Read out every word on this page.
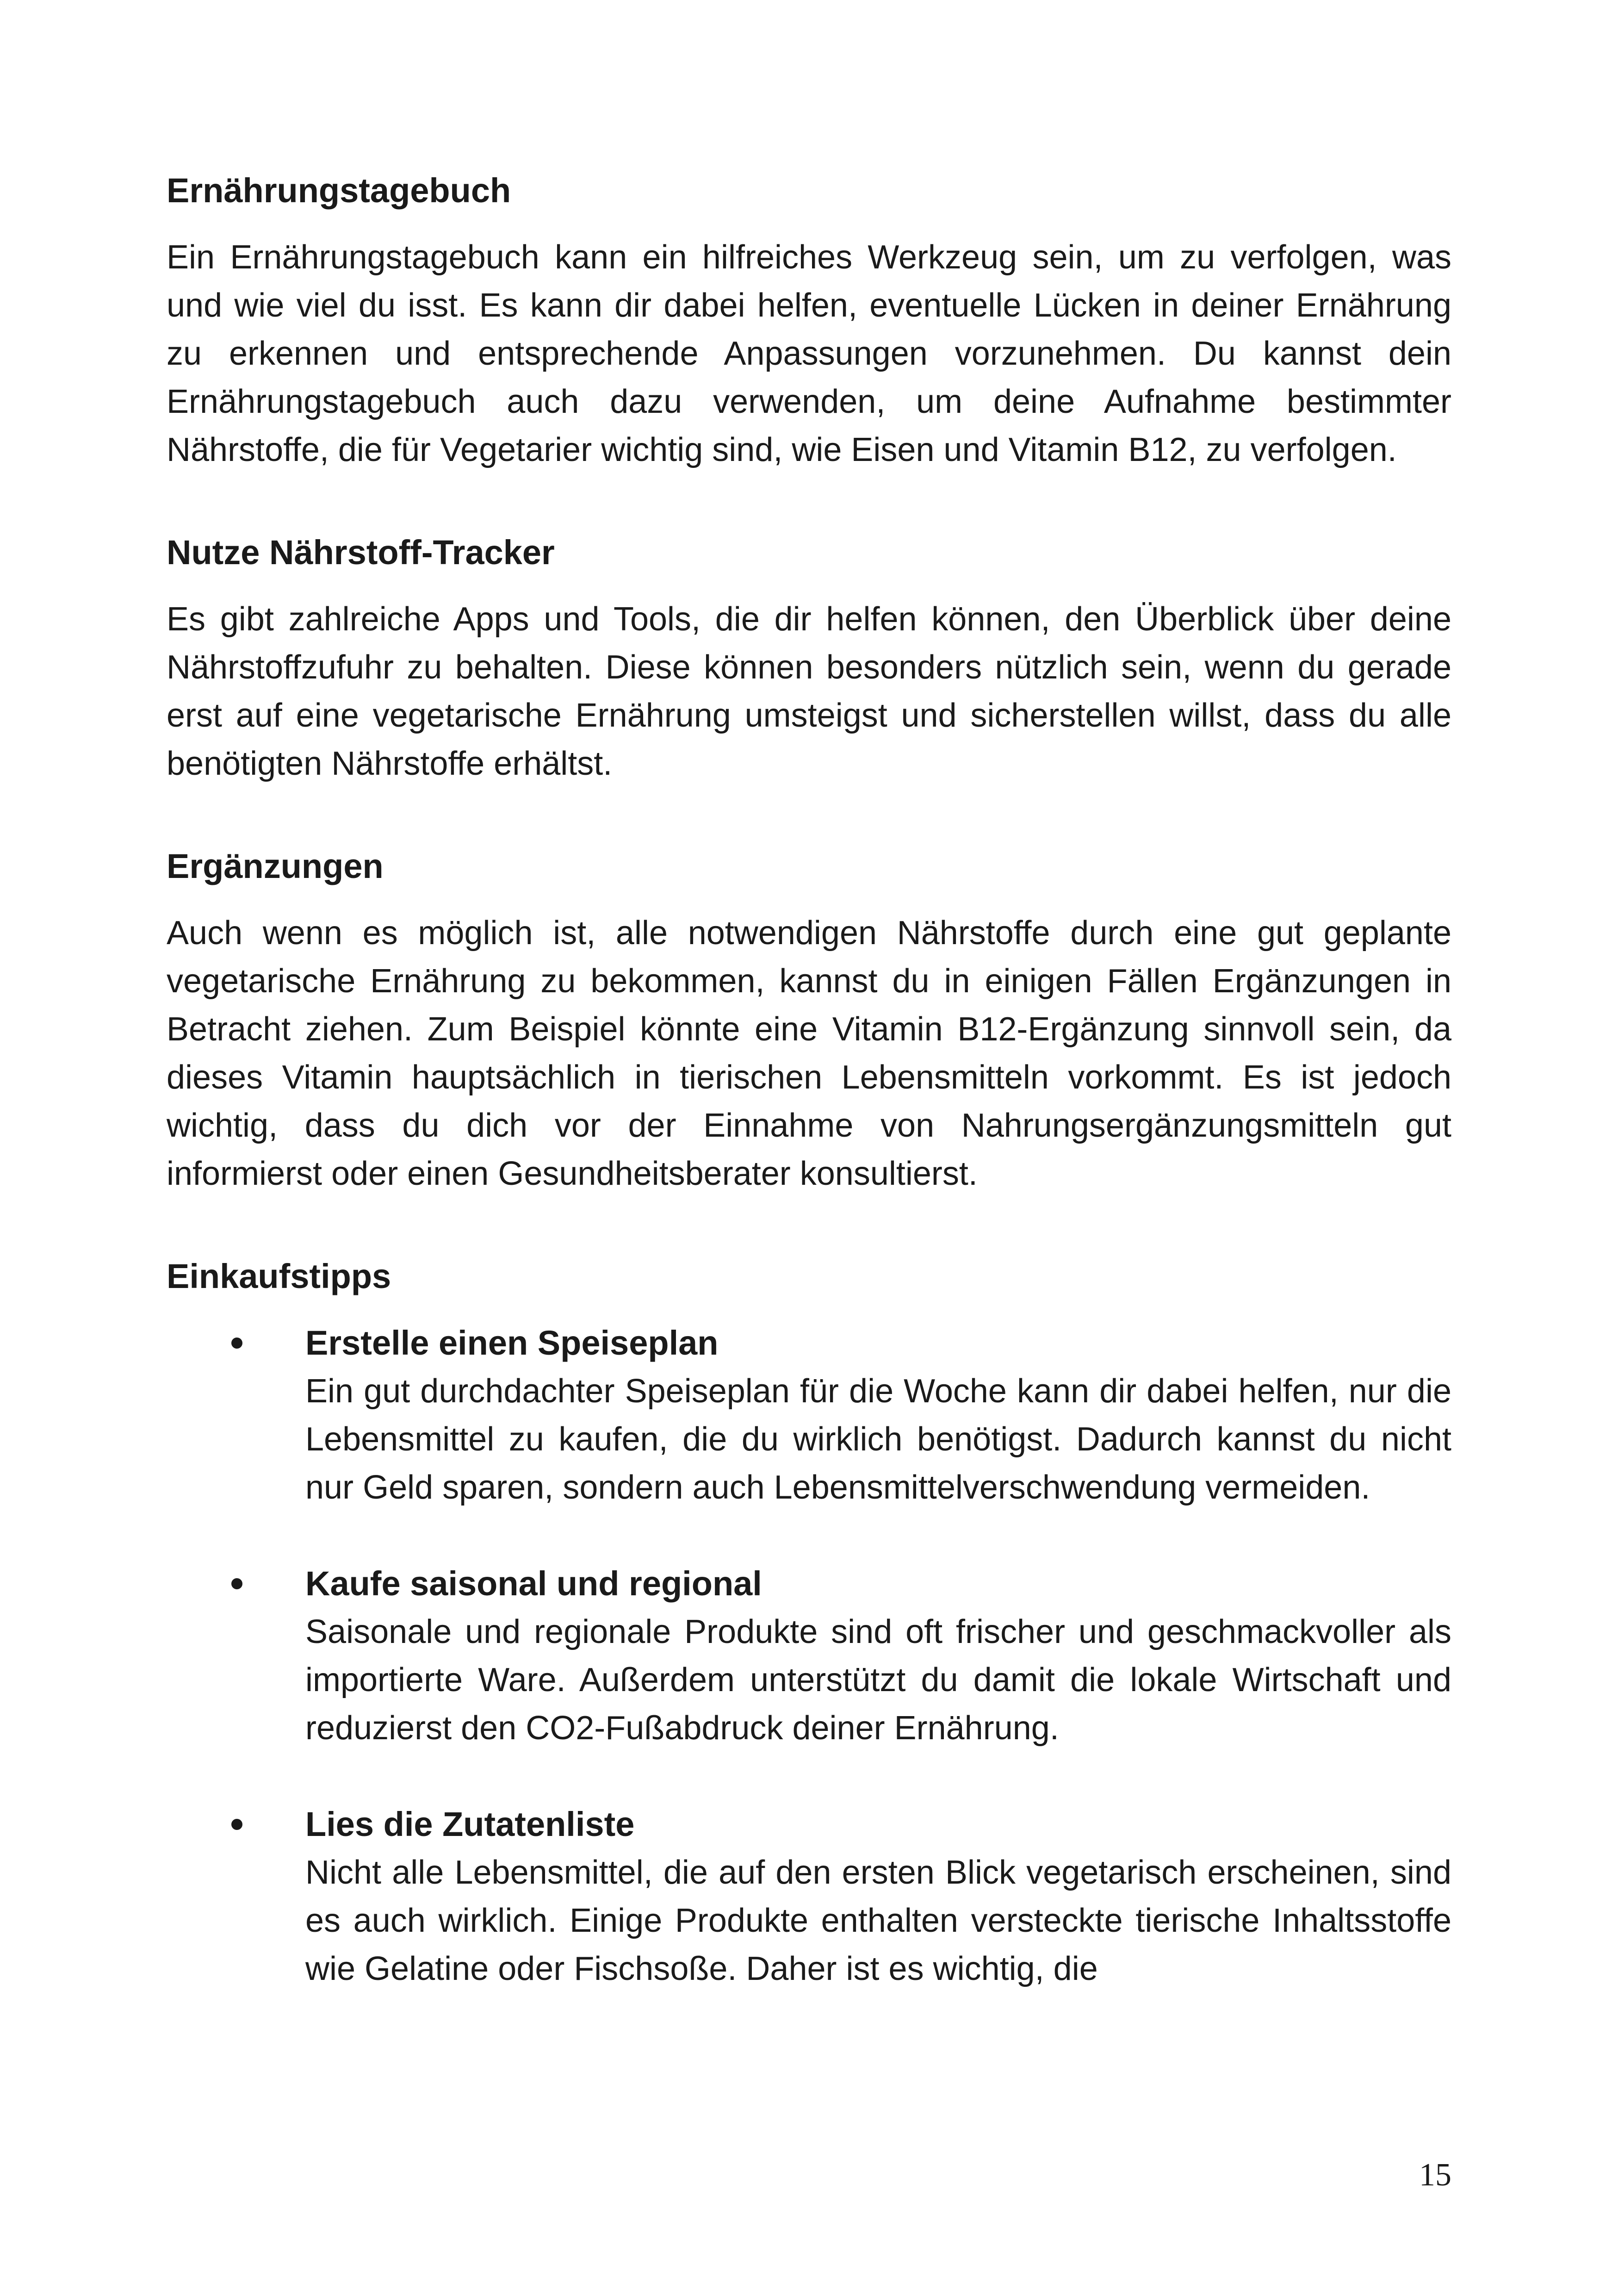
Ernährungstagebuch

Ein Ernährungstagebuch kann ein hilfreiches Werkzeug sein, um zu verfolgen, was und wie viel du isst. Es kann dir dabei helfen, eventuelle Lücken in deiner Ernährung zu erkennen und entsprechende Anpassungen vorzunehmen. Du kannst dein Ernährungstagebuch auch dazu verwenden, um deine Aufnahme bestimmter Nährstoffe, die für Vegetarier wichtig sind, wie Eisen und Vitamin B12, zu verfolgen.

Nutze Nährstoff-Tracker

Es gibt zahlreiche Apps und Tools, die dir helfen können, den Überblick über deine Nährstoffzufuhr zu behalten. Diese können besonders nützlich sein, wenn du gerade erst auf eine vegetarische Ernährung umsteigst und sicherstellen willst, dass du alle benötigten Nährstoffe erhältst.

Ergänzungen

Auch wenn es möglich ist, alle notwendigen Nährstoffe durch eine gut geplante vegetarische Ernährung zu bekommen, kannst du in einigen Fällen Ergänzungen in Betracht ziehen. Zum Beispiel könnte eine Vitamin B12-Ergänzung sinnvoll sein, da dieses Vitamin hauptsächlich in tierischen Lebensmitteln vorkommt. Es ist jedoch wichtig, dass du dich vor der Einnahme von Nahrungsergänzungsmitteln gut informierst oder einen Gesundheitsberater konsultierst.

Einkaufstipps

Erstelle einen Speiseplan

Ein gut durchdachter Speiseplan für die Woche kann dir dabei helfen, nur die Lebensmittel zu kaufen, die du wirklich benötigst. Dadurch kannst du nicht nur Geld sparen, sondern auch Lebensmittelverschwendung vermeiden.

Kaufe saisonal und regional

Saisonale und regionale Produkte sind oft frischer und geschmackvoller als importierte Ware. Außerdem unterstützt du damit die lokale Wirtschaft und reduzierst den CO2-Fußabdruck deiner Ernährung.

Lies die Zutatenliste

Nicht alle Lebensmittel, die auf den ersten Blick vegetarisch erscheinen, sind es auch wirklich. Einige Produkte enthalten versteckte tierische Inhaltsstoffe wie Gelatine oder Fischsoße. Daher ist es wichtig, die

15
